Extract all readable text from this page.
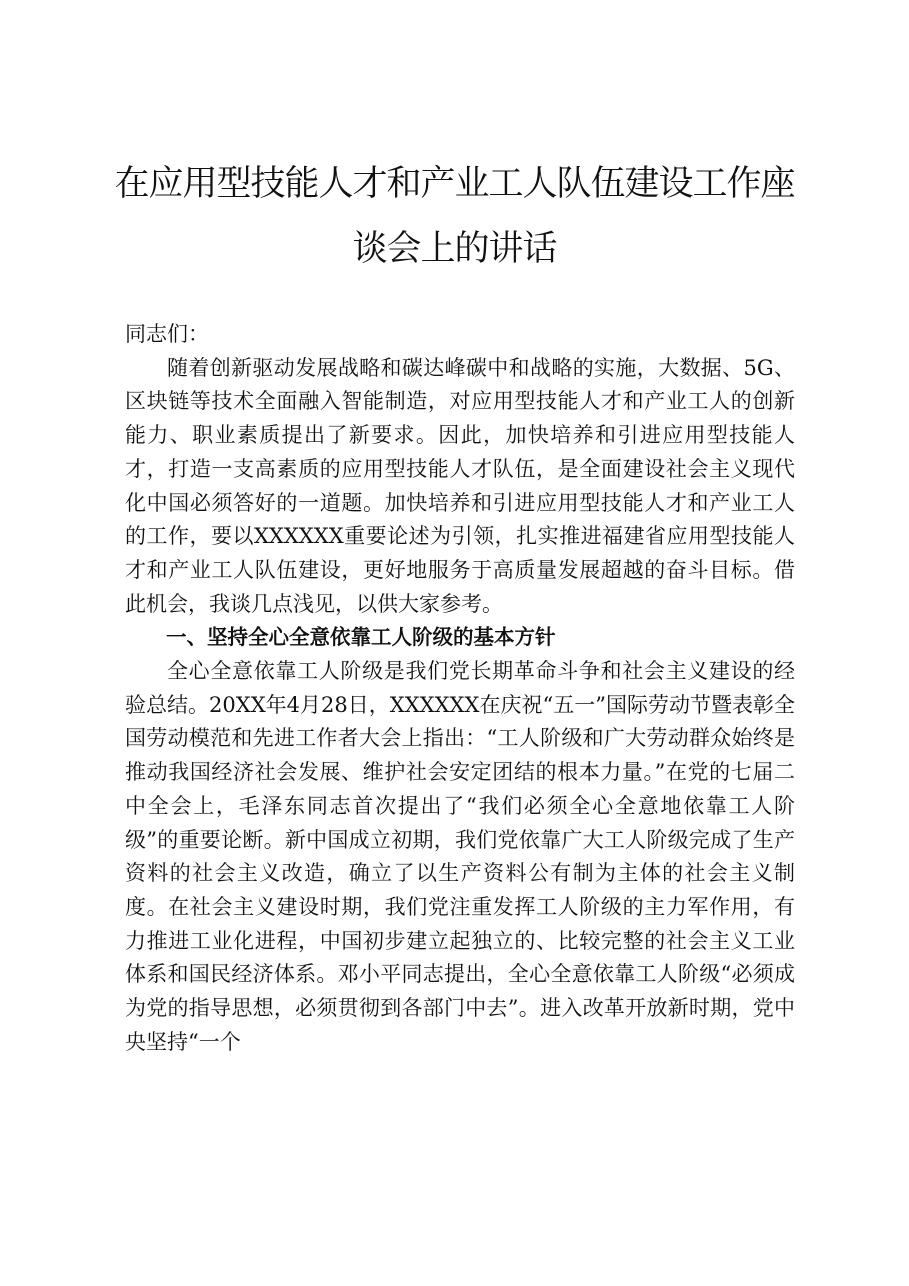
在应用型技能人才和产业工人队伍建设工作座
谈会上的讲话

同志们：

随着创新驱动发展战略和碳达峰碳中和战略的实施，大数据、5G、区块链等技术全面融入智能制造，对应用型技能人才和产业工人的创新能力、职业素质提出了新要求。因此，加快培养和引进应用型技能人才，打造一支高素质的应用型技能人才队伍，是全面建设社会主义现代化中国必须答好的一道题。加快培养和引进应用型技能人才和产业工人的工作，要以XXXXXX重要论述为引领，扎实推进福建省应用型技能人才和产业工人队伍建设，更好地服务于高质量发展超越的奋斗目标。借此机会，我谈几点浅见，以供大家参考。

一、坚持全心全意依靠工人阶级的基本方针

全心全意依靠工人阶级是我们党长期革命斗争和社会主义建设的经验总结。20XX年4月28日，XXXXXX在庆祝“五一”国际劳动节暨表彰全国劳动模范和先进工作者大会上指出：“工人阶级和广大劳动群众始终是推动我国经济社会发展、维护社会安定团结的根本力量。”在党的七届二中全会上，毛泽东同志首次提出了“我们必须全心全意地依靠工人阶级”的重要论断。新中国成立初期，我们党依靠广大工人阶级完成了生产资料的社会主义改造，确立了以生产资料公有制为主体的社会主义制度。在社会主义建设时期，我们党注重发挥工人阶级的主力军作用，有力推进工业化进程，中国初步建立起独立的、比较完整的社会主义工业体系和国民经济体系。邓小平同志提出，全心全意依靠工人阶级“必须成为党的指导思想，必须贯彻到各部门中去”。进入改革开放新时期，党中央坚持“一个
